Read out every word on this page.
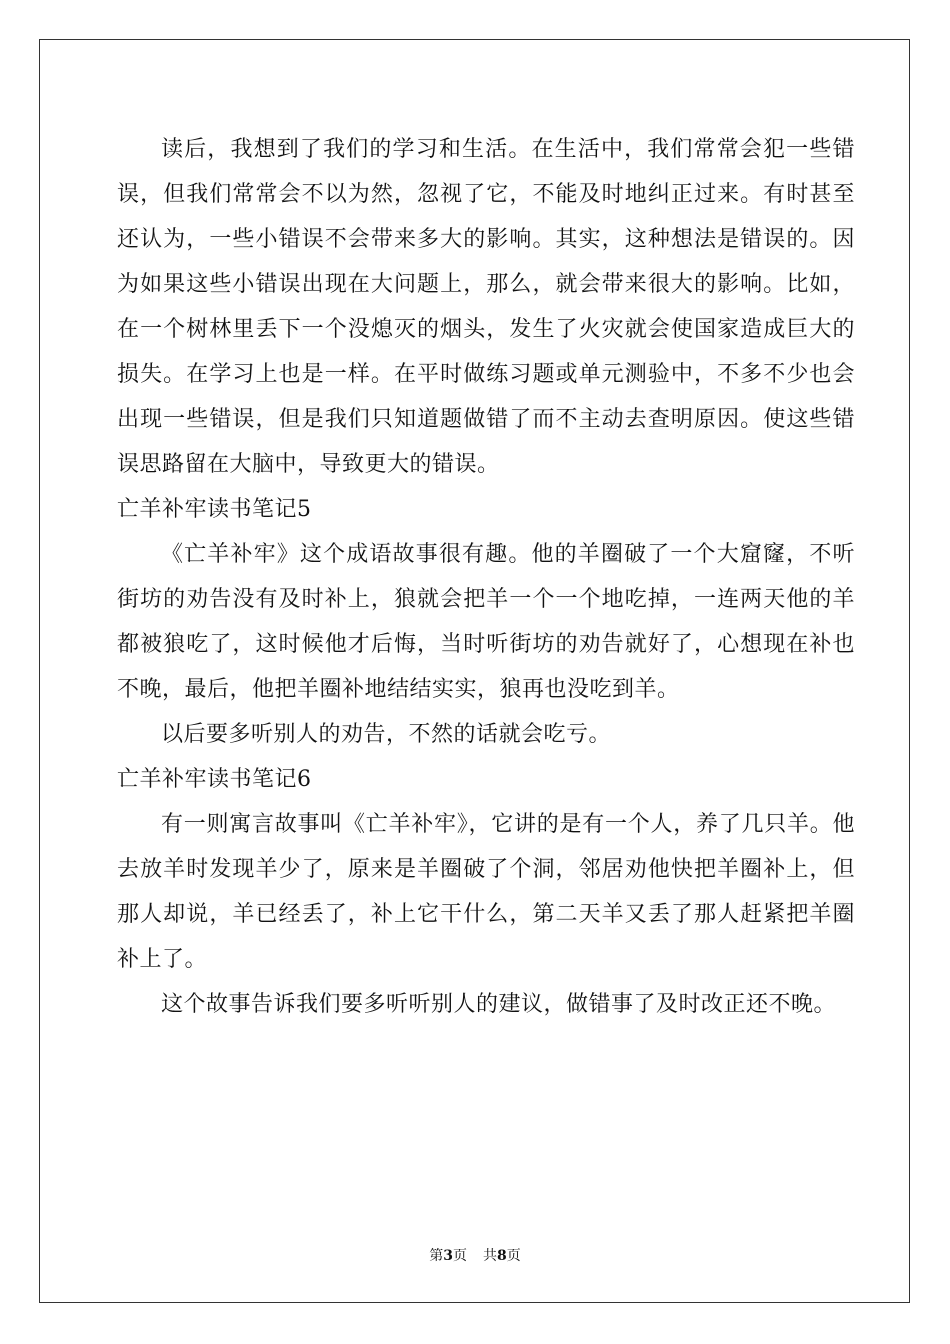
读后，我想到了我们的学习和生活。在生活中，我们常常会犯一些错误，但我们常常会不以为然，忽视了它，不能及时地纠正过来。有时甚至还认为，一些小错误不会带来多大的影响。其实，这种想法是错误的。因为如果这些小错误出现在大问题上，那么，就会带来很大的影响。比如，在一个树林里丢下一个没熄灭的烟头，发生了火灾就会使国家造成巨大的损失。在学习上也是一样。在平时做练习题或单元测验中，不多不少也会出现一些错误，但是我们只知道题做错了而不主动去查明原因。使这些错误思路留在大脑中，导致更大的错误。

亡羊补牢读书笔记5

《亡羊补牢》这个成语故事很有趣。他的羊圈破了一个大窟窿，不听街坊的劝告没有及时补上，狼就会把羊一个一个地吃掉，一连两天他的羊都被狼吃了，这时候他才后悔，当时听街坊的劝告就好了，心想现在补也不晚，最后，他把羊圈补地结结实实，狼再也没吃到羊。

以后要多听别人的劝告，不然的话就会吃亏。

亡羊补牢读书笔记6

有一则寓言故事叫《亡羊补牢》，它讲的是有一个人，养了几只羊。他去放羊时发现羊少了，原来是羊圈破了个洞，邻居劝他快把羊圈补上，但那人却说，羊已经丢了，补上它干什么，第二天羊又丢了那人赶紧把羊圈补上了。

这个故事告诉我们要多听听别人的建议，做错事了及时改正还不晚。

第3页 共8页
